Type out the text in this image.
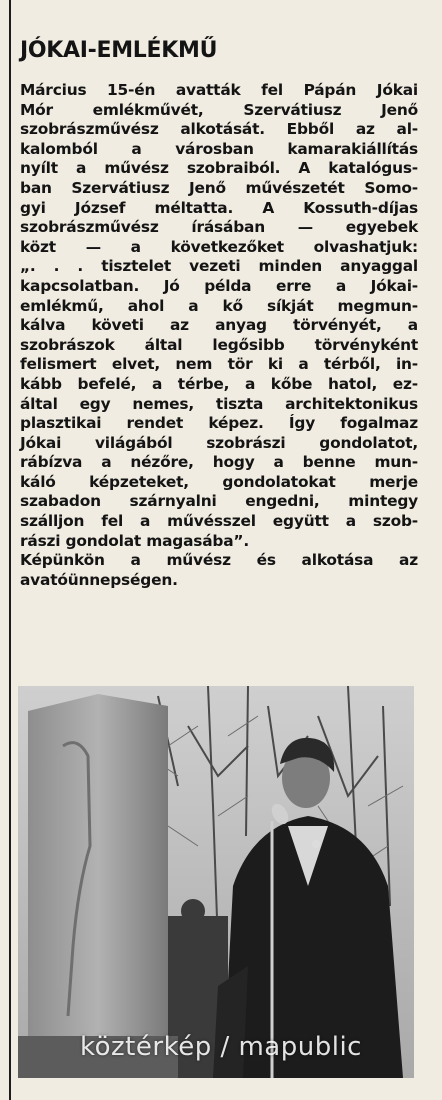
JÓKAI-EMLÉKMŰ
Március 15-én avatták fel Pápán Jókai
Mór emlékművét, Szervátiusz Jenő
szobrászművész alkotását. Ebből az al-
kalomból a városban kamarakiállítás
nyílt a művész szobraiból. A katalógus-
ban Szervátiusz Jenő művészetét Somo-
gyi József méltatta. A Kossuth-díjas
szobrászművész írásában — egyebek
közt — a következőket olvashatjuk:
„. . . tisztelet vezeti minden anyaggal
kapcsolatban. Jó példa erre a Jókai-
emlékmű, ahol a kő síkját megmun-
kálva követi az anyag törvényét, a
szobrászok által legősibb törvényként
felismert elvet, nem tör ki a térből, in-
kább befelé, a térbe, a kőbe hatol, ez-
által egy nemes, tiszta architektonikus
plasztikai rendet képez. Így fogalmaz
Jókai világából szobrászi gondolatot,
rábízva a nézőre, hogy a benne mun-
káló képzeteket, gondolatokat merje
szabadon szárnyalni engedni, mintegy
szálljon fel a művésszel együtt a szob-
rászi gondolat magasába”.
Képünkön a művész és alkotása az
avatóünnepségen.
köztérkép / mapublic
